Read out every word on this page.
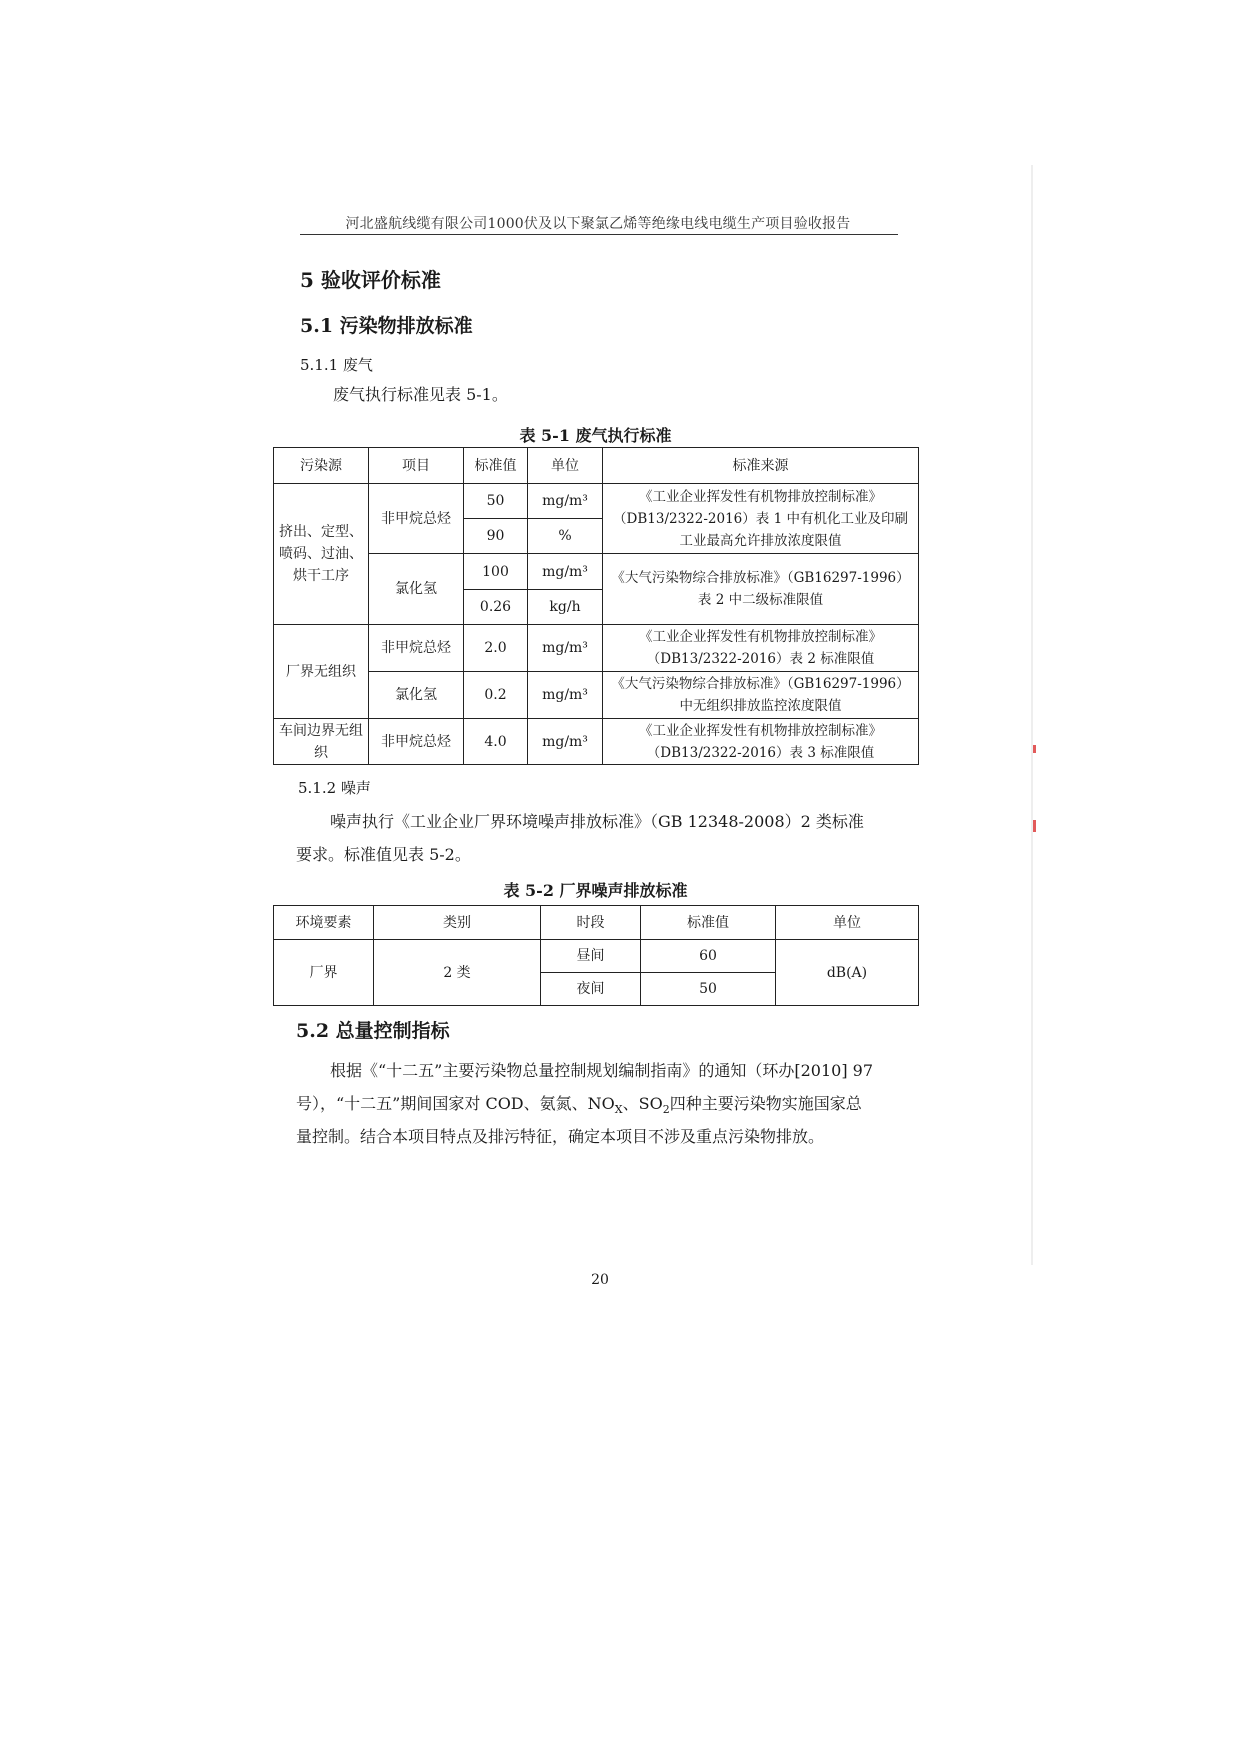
河北盛航线缆有限公司1000伏及以下聚氯乙烯等绝缘电线电缆生产项目验收报告
5 验收评价标准
5.1 污染物排放标准
5.1.1 废气
废气执行标准见表 5-1。
表 5-1 废气执行标准
污染源	项目	标准值	单位	标准来源
挤出、定型、喷码、过油、烘干工序	非甲烷总烃	50	mg/m³	《工业企业挥发性有机物排放控制标准》（DB13/2322-2016）表 1 中有机化工业及印刷工业最高允许排放浓度限值
		90	%	
	氯化氢	100	mg/m³	《大气污染物综合排放标准》（GB16297-1996）表 2 中二级标准限值
		0.26	kg/h	
厂界无组织	非甲烷总烃	2.0	mg/m³	《工业企业挥发性有机物排放控制标准》（DB13/2322-2016）表 2 标准限值
	氯化氢	0.2	mg/m³	《大气污染物综合排放标准》（GB16297-1996）中无组织排放监控浓度限值
车间边界无组织	非甲烷总烃	4.0	mg/m³	《工业企业挥发性有机物排放控制标准》（DB13/2322-2016）表 3 标准限值
5.1.2 噪声
噪声执行《工业企业厂界环境噪声排放标准》（GB 12348-2008）2 类标准
要求。标准值见表 5-2。
表 5-2 厂界噪声排放标准
环境要素	类别	时段	标准值	单位
厂界	2 类	昼间	60	dB(A)
		夜间	50	
5.2 总量控制指标
根据《“十二五”主要污染物总量控制规划编制指南》的通知（环办[2010] 97
号），“十二五”期间国家对 COD、氨氮、$NO_X$、$SO_2$四种主要污染物实施国家总
量控制。结合本项目特点及排污特征，确定本项目不涉及重点污染物排放。
20
